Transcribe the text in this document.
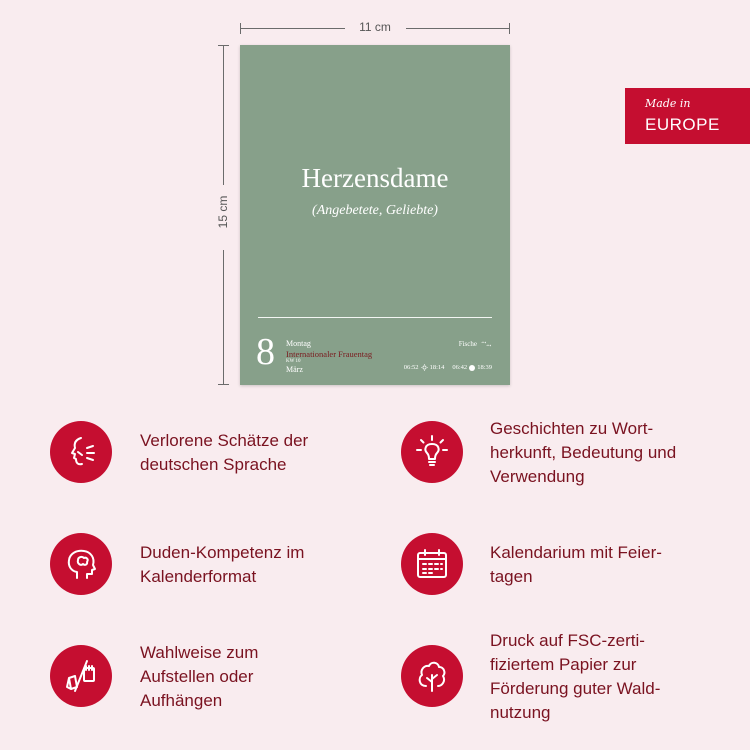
11 cm
15 cm
Herzensdame
(Angebetete, Geliebte)
8 Montag
Internationaler Frauentag
KW 10
März
Fische
06:52 18:14 06:42 18:39
Made in
EUROPE
Verlorene Schätze der
deutschen Sprache
Geschichten zu Wort-
herkunft, Bedeutung und
Verwendung
Duden-Kompetenz im
Kalenderformat
Kalendarium mit Feier-
tagen
Wahlweise zum
Aufstellen oder
Aufhängen
Druck auf FSC-zerti-
fiziertem Papier zur
Förderung guter Wald-
nutzung
